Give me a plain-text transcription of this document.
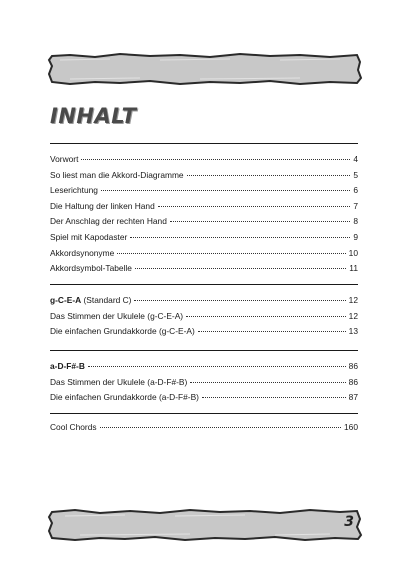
INHALT
Vorwort	4
So liest man die Akkord-Diagramme	5
Leserichtung	6
Die Haltung der linken Hand	7
Der Anschlag der rechten Hand	8
Spiel mit Kapodaster	9
Akkordsynonyme	10
Akkordsymbol-Tabelle	11
g-C-E-A (Standard C)	12
Das Stimmen der Ukulele (g-C-E-A)	12
Die einfachen Grundakkorde (g-C-E-A)	13
a-D-F#-B	86
Das Stimmen der Ukulele (a-D-F#-B)	86
Die einfachen Grundakkorde (a-D-F#-B)	87
Cool Chords	160
3
